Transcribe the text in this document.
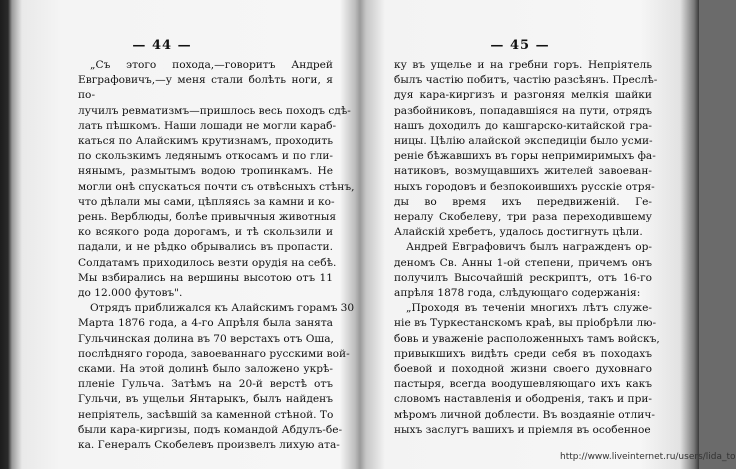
— 44 —
„Съ этого похода,—говоритъ Андрей Евграфовичъ,—у меня стали болѣть ноги, я по-
лучилъ ревматизмъ—пришлось весь походъ сдѣ-
лать пѣшкомъ. Наши лошади не могли караб-
каться по Алайскимъ крутизнамъ, проходить
по скользкимъ ледянымъ откосамъ и по гли-
нянымъ, размытымъ водою тропинкамъ. Не
могли онѣ спускаться почти съ отвѣсныхъ стѣнъ,
что дѣлали мы сами, цѣпляясь за камни и ко-
рень. Верблюды, болѣе привычныя животныя
ко всякого рода дорогамъ, и тѣ скользили и
падали, и не рѣдко обрывались въ пропасти.
Солдатамъ приходилось везти орудія на себѣ.
Мы взбирались на вершины высотою отъ 11
до 12.000 футовъ".
Отрядъ приближался къ Алайскимъ горамъ 30
Марта 1876 года, а 4-го Апрѣля была занята
Гульчинская долина въ 70 верстахъ отъ Оша,
послѣдняго города, завоеваннаго русскими вой-
сками. На этой долинѣ было заложено укрѣ-
пленіе Гульча. Затѣмъ на 20-й верстѣ отъ
Гульчи, въ ущельи Янтарыкъ, былъ найденъ
непріятель, засѣвшій за каменной стѣной. То
были кара-киргизы, подъ командой Абдулъ-бе-
ка. Генералъ Скобелевъ произвелъ лихую ата-
— 45 —
ку въ ущелье и на гребни горъ. Непріятель
былъ частію побитъ, частію разсѣянъ. Преслѣ-
дуя кара-киргизъ и разгоняя мелкія шайки
разбойниковъ, попадавшіяся на пути, отрядъ
нашъ доходилъ до кашгарско-китайской гра-
ницы. Цѣлію алайской экспедиціи было усми-
реніе бѣжавшихъ въ горы непримиримыхъ фа-
натиковъ, возмущавшихъ жителей завоеван-
ныхъ городовъ и безпокоившихъ русскіе отря-
ды во время ихъ передвиженій. Ге-
нералу Скобелеву, три раза переходившему
Алайскій хребетъ, удалось достигнуть цѣли.
Андрей Евграфовичъ былъ награжденъ ор-
деномъ Св. Анны 1-ой степени, причемъ онъ
получилъ Высочайшій рескриптъ, отъ 16-го
апрѣля 1878 года, слѣдующаго содержанія:
„Проходя въ теченіи многихъ лѣтъ служе-
ніе въ Туркестанскомъ краѣ, вы пріобрѣли лю-
бовь и уваженіе расположенныхъ тамъ войскъ,
привыкшихъ видѣть среди себя въ походахъ
боевой и походной жизни своего духовнаго
пастыря, всегда воодушевляющаго ихъ какъ
словомъ наставленія и ободренія, такъ и при-
мѣромъ личной доблести. Въ воздаяніе отлич-
ныхъ заслугъ вашихъ и пріемля въ особенное
http://www.liveinternet.ru/users/lida_to
